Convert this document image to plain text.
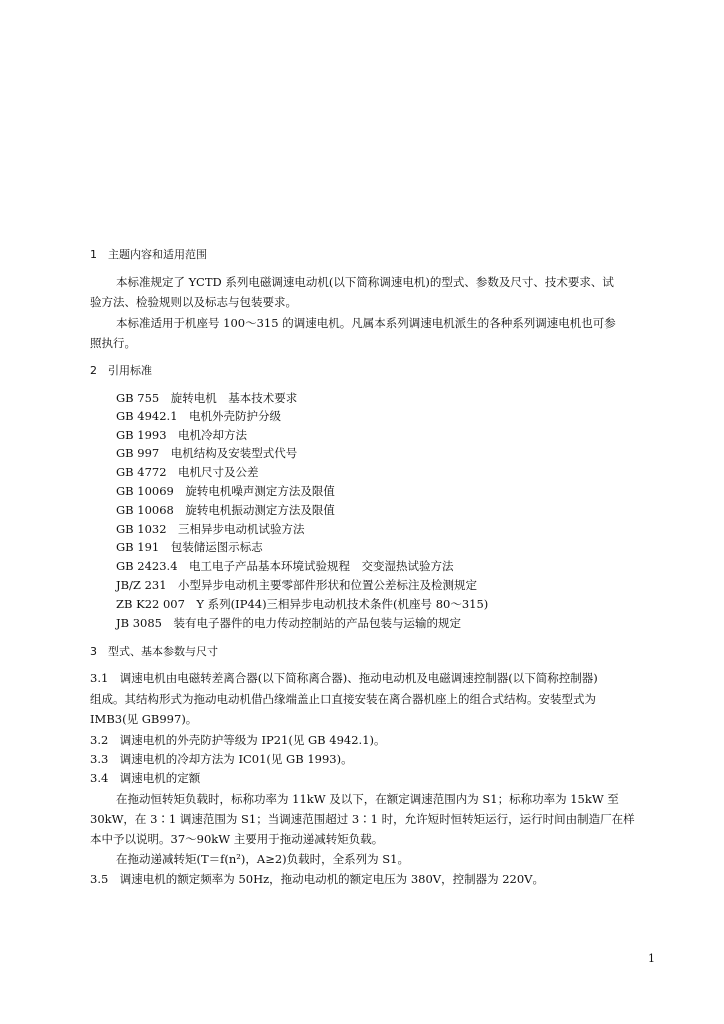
1　主题内容和适用范围
本标准规定了 YCTD 系列电磁调速电动机(以下简称调速电机)的型式、参数及尺寸、技术要求、试
验方法、检验规则以及标志与包装要求。
本标准适用于机座号 100～315 的调速电机。凡属本系列调速电机派生的各种系列调速电机也可参
照执行。
2　引用标准
GB 755　旋转电机　基本技术要求
GB 4942.1　电机外壳防护分级
GB 1993　电机冷却方法
GB 997　电机结构及安装型式代号
GB 4772　电机尺寸及公差
GB 10069　旋转电机噪声测定方法及限值
GB 10068　旋转电机振动测定方法及限值
GB 1032　三相异步电动机试验方法
GB 191　包装储运图示标志
GB 2423.4　电工电子产品基本环境试验规程　交变湿热试验方法
JB/Z 231　小型异步电动机主要零部件形状和位置公差标注及检测规定
ZB K22 007　Y 系列(IP44)三相异步电动机技术条件(机座号 80～315)
JB 3085　装有电子器件的电力传动控制站的产品包装与运输的规定
3　型式、基本参数与尺寸
3.1　调速电机由电磁转差离合器(以下简称离合器)、拖动电动机及电磁调速控制器(以下简称控制器)
组成。其结构形式为拖动电动机借凸缘端盖止口直接安装在离合器机座上的组合式结构。安装型式为
IMB3(见 GB997)。
3.2　调速电机的外壳防护等级为 IP21(见 GB 4942.1)。
3.3　调速电机的冷却方法为 IC01(见 GB 1993)。
3.4　调速电机的定额
在拖动恒转矩负载时，标称功率为 11kW 及以下，在额定调速范围内为 S1；标称功率为 15kW 至
30kW，在 3∶1 调速范围为 S1；当调速范围超过 3∶1 时，允许短时恒转矩运行，运行时间由制造厂在样
本中予以说明。37～90kW 主要用于拖动递减转矩负载。
在拖动递减转矩(T＝f(n²)，A≥2)负载时，全系列为 S1。
3.5　调速电机的额定频率为 50Hz，拖动电动机的额定电压为 380V，控制器为 220V。
1
